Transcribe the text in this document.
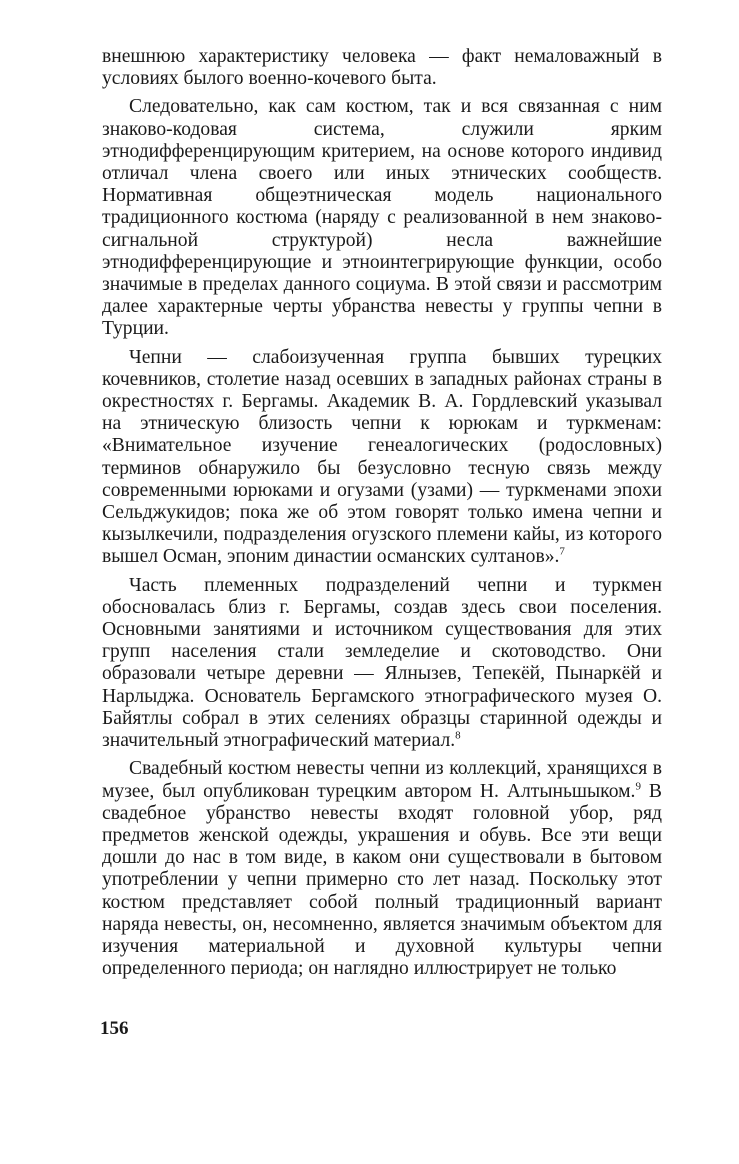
внешнюю характеристику человека — факт немаловажный в условиях былого военно-кочевого быта.

Следовательно, как сам костюм, так и вся связанная с ним знаково-кодовая система, служили ярким этнодифференцирующим критерием, на основе которого индивид отличал члена своего или иных этнических сообществ. Нормативная общеэтническая модель национального традиционного костюма (наряду с реализованной в нем знаково-сигнальной структурой) несла важнейшие этнодифференцирующие и этноинтегрирующие функции, особо значимые в пределах данного социума. В этой связи и рассмотрим далее характерные черты убранства невесты у группы чепни в Турции.

Чепни — слабоизученная группа бывших турецких кочевников, столетие назад осевших в западных районах страны в окрестностях г. Бергамы. Академик В. А. Гордлевский указывал на этническую близость чепни к юрюкам и туркменам: «Внимательное изучение генеалогических (родословных) терминов обнаружило бы безусловно тесную связь между современными юрюками и огузами (узами) — туркменами эпохи Сельджукидов; пока же об этом говорят только имена чепни и кызылкечили, подразделения огузского племени кайы, из которого вышел Осман, эпоним династии османских султанов».$^7$

Часть племенных подразделений чепни и туркмен обосновалась близ г. Бергамы, создав здесь свои поселения. Основными занятиями и источником существования для этих групп населения стали земледелие и скотоводство. Они образовали четыре деревни — Ялнызев, Тепекёй, Пынаркёй и Нарлыджа. Основатель Бергамского этнографического музея О. Байятлы собрал в этих селениях образцы старинной одежды и значительный этнографический материал.$^8$

Свадебный костюм невесты чепни из коллекций, хранящихся в музее, был опубликован турецким автором Н. Алтыньшыком.$^9$ В свадебное убранство невесты входят головной убор, ряд предметов женской одежды, украшения и обувь. Все эти вещи дошли до нас в том виде, в каком они существовали в бытовом употреблении у чепни примерно сто лет назад. Поскольку этот костюм представляет собой полный традиционный вариант наряда невесты, он, несомненно, является значимым объектом для изучения материальной и духовной культуры чепни определенного периода; он наглядно иллюстрирует не только

156
